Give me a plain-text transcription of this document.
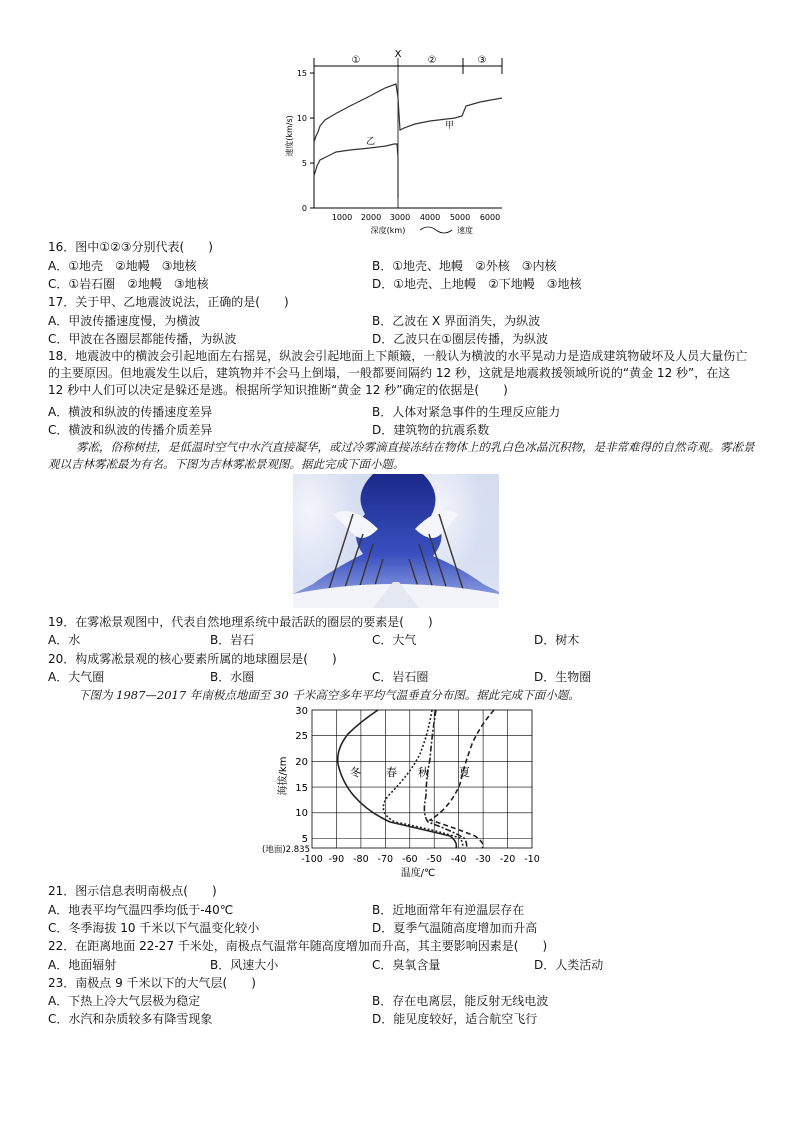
①
X
②	③
0
5
10
15
速度(km/s)
1000 2000 3000 4000 5000 6000
深度(km)	速度
甲
乙
16．图中①②③分别代表(　　)
A．①地壳　②地幔　③地核	B．①地壳、地幔　②外核　③内核
C．①岩石圈　②地幔　③地核	D．①地壳、上地幔　②下地幔　③地核
17．关于甲、乙地震波说法，正确的是(　　)
A．甲波传播速度慢，为横波	B．乙波在 X 界面消失，为纵波
C．甲波在各圈层都能传播，为纵波	D．乙波只在①圈层传播，为纵波
18．地震波中的横波会引起地面左右摇晃，纵波会引起地面上下颠簸，一般认为横波的水平晃动力是造成建筑物破坏及人员大量伤亡的主要原因。但地震发生以后，建筑物并不会马上倒塌，一般都要间隔约 12 秒，这就是地震救援领域所说的“黄金 12 秒”，在这 12 秒中人们可以决定是躲还是逃。根据所学知识推断“黄金 12 秒”确定的依据是(　　)
A．横波和纵波的传播速度差异	B．人体对紧急事件的生理反应能力
C．横波和纵波的传播介质差异	D．建筑物的抗震系数
雾凇，俗称树挂，是低温时空气中水汽直接凝华，或过冷雾滴直接冻结在物体上的乳白色冰晶沉积物，是非常难得的自然奇观。雾凇景观以吉林雾凇最为有名。下图为吉林雾凇景观图。据此完成下面小题。
19．在雾凇景观图中，代表自然地理系统中最活跃的圈层的要素是(　　)
A．水	B．岩石	C．大气	D．树木
20．构成雾凇景观的核心要素所属的地球圈层是(　　)
A．大气圈	B．水圈	C．岩石圈	D．生物圈
下图为 1987—2017 年南极点地面至 30 千米高空多年平均气温垂直分布图。据此完成下面小题。
30
25
20
15
10
5
(地面)2.835
海拔/km
-100 -90 -80 -70 -60 -50 -40 -30 -20 -10
温度/℃
冬 春 秋	夏
21．图示信息表明南极点(　　)
A．地表平均气温四季均低于-40℃	B．近地面常年有逆温层存在
C．冬季海拔 10 千米以下气温变化较小	D．夏季气温随高度增加而升高
22．在距离地面 22-27 千米处，南极点气温常年随高度增加而升高，其主要影响因素是(　　)
A．地面辐射	B．风速大小	C．臭氧含量	D．人类活动
23．南极点 9 千米以下的大气层(　　)
A．下热上冷大气层极为稳定	B．存在电离层，能反射无线电波
C．水汽和杂质较多有降雪现象	D．能见度较好，适合航空飞行
